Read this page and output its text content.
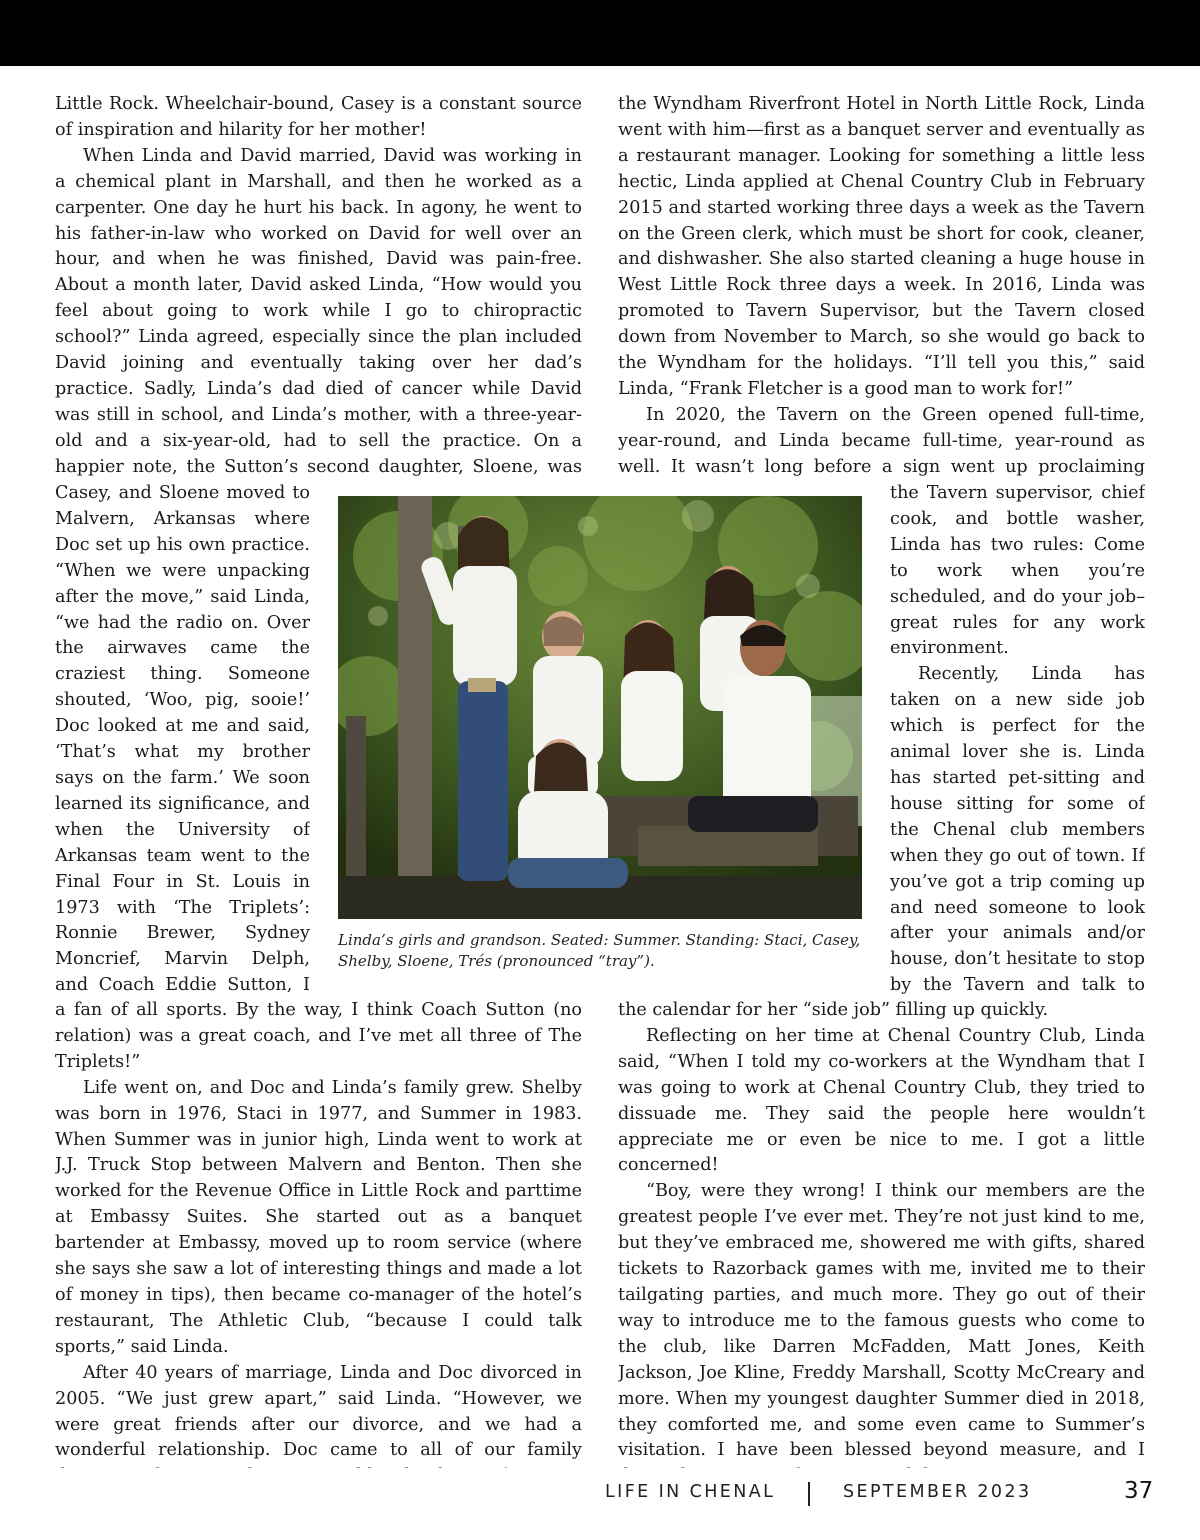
Little Rock. Wheelchair-bound, Casey is a constant source of inspiration and hilarity for her mother!

When Linda and David married, David was working in a chemical plant in Marshall, and then he worked as a carpenter. One day he hurt his back. In agony, he went to his father-in-law who worked on David for well over an hour, and when he was finished, David was pain-free. About a month later, David asked Linda, “How would you feel about going to work while I go to chiropractic school?” Linda agreed, especially since the plan included David joining and eventually taking over her dad’s practice. Sadly, Linda’s dad died of cancer while David was still in school, and Linda’s mother, with a three-year-old and a six-year-old, had to sell the practice. On a happier note, the Sutton’s second daughter, Sloene, was

Casey, and Sloene moved to Malvern, Arkansas where Doc set up his own practice. “When we were unpacking after the move,” said Linda, “we had the radio on. Over the airwaves came the craziest thing. Someone shouted, ‘Woo, pig, sooie!’ Doc looked at me and said, ‘That’s what my brother says on the farm.’ We soon learned its significance, and when the University of Arkansas team went to the Final Four in St. Louis in 1973 with ‘The Triplets’: Ronnie Brewer, Sydney Moncrief, Marvin Delph, and Coach Eddie Sutton, I

a fan of all sports. By the way, I think Coach Sutton (no relation) was a great coach, and I’ve met all three of The Triplets!”

Life went on, and Doc and Linda’s family grew. Shelby was born in 1976, Staci in 1977, and Summer in 1983. When Summer was in junior high, Linda went to work at J.J. Truck Stop between Malvern and Benton. Then she worked for the Revenue Office in Little Rock and parttime at Embassy Suites. She started out as a banquet bartender at Embassy, moved up to room service (where she says she saw a lot of interesting things and made a lot of money in tips), then became co-manager of the hotel’s restaurant, The Athletic Club, “because I could talk sports,” said Linda.

After 40 years of marriage, Linda and Doc divorced in 2005. “We just grew apart,” said Linda. “However, we were great friends after our divorce, and we had a wonderful relationship. Doc came to all of our family

the Wyndham Riverfront Hotel in North Little Rock, Linda went with him—first as a banquet server and eventually as a restaurant manager. Looking for something a little less hectic, Linda applied at Chenal Country Club in February 2015 and started working three days a week as the Tavern on the Green clerk, which must be short for cook, cleaner, and dishwasher. She also started cleaning a huge house in West Little Rock three days a week. In 2016, Linda was promoted to Tavern Supervisor, but the Tavern closed down from November to March, so she would go back to the Wyndham for the holidays. “I’ll tell you this,” said Linda, “Frank Fletcher is a good man to work for!”

In 2020, the Tavern on the Green opened full-time, year-round, and Linda became full-time, year-round as well. It wasn’t long before a sign went up proclaiming

the Tavern supervisor, chief cook, and bottle washer, Linda has two rules: Come to work when you’re scheduled, and do your job–great rules for any work environment.

Recently, Linda has taken on a new side job which is perfect for the animal lover she is. Linda has started pet-sitting and house sitting for some of the Chenal club members when they go out of town. If you’ve got a trip coming up and need someone to look after your animals and/or house, don’t hesitate to stop by the Tavern and talk to

the calendar for her “side job” filling up quickly.

Reflecting on her time at Chenal Country Club, Linda said, “When I told my co-workers at the Wyndham that I was going to work at Chenal Country Club, they tried to dissuade me. They said the people here wouldn’t appreciate me or even be nice to me. I got a little concerned!

“Boy, were they wrong! I think our members are the greatest people I’ve ever met. They’re not just kind to me, but they’ve embraced me, showered me with gifts, shared tickets to Razorback games with me, invited me to their tailgating parties, and much more. They go out of their way to introduce me to the famous guests who come to the club, like Darren McFadden, Matt Jones, Keith Jackson, Joe Kline, Freddy Marshall, Scotty McCreary and more. When my youngest daughter Summer died in 2018, they comforted me, and some even came to Summer’s visitation. I have been blessed beyond measure, and I

Linda’s girls and grandson. Seated: Summer. Standing: Staci, Casey, Shelby, Sloene, Trés (pronounced “tray”).
LIFE IN CHENAL	SEPTEMBER 2023	37
